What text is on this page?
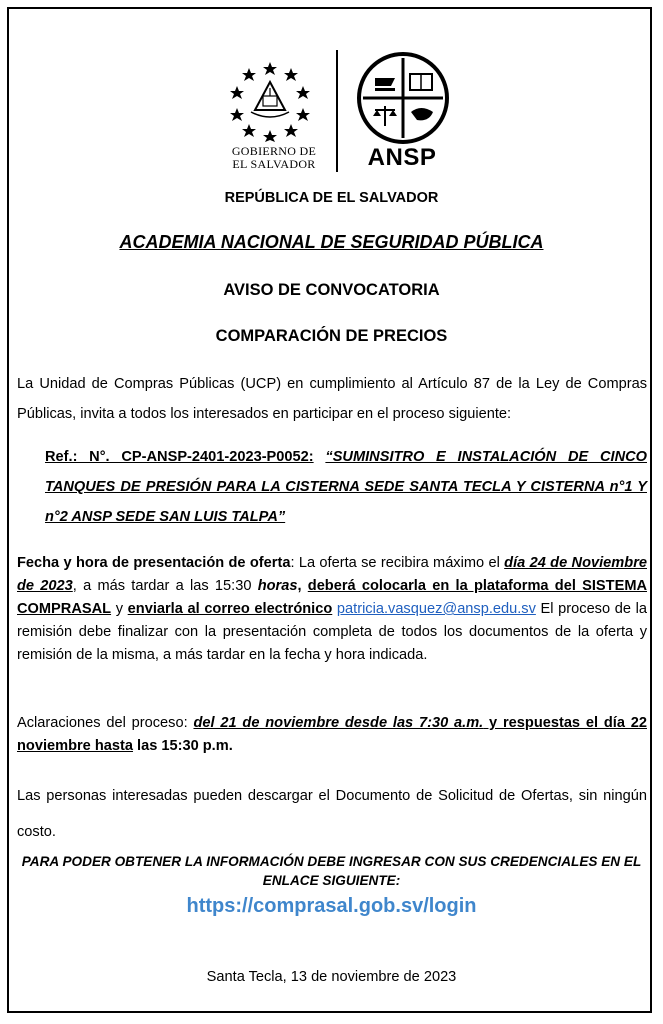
GOBIERNO DE
EL SALVADOR	ANSP
REPÚBLICA DE EL SALVADOR
ACADEMIA NACIONAL DE SEGURIDAD PÚBLICA
AVISO DE CONVOCATORIA
COMPARACIÓN DE PRECIOS
La Unidad de Compras Públicas (UCP) en cumplimiento al Artículo 87 de la Ley de Compras Públicas, invita a todos los interesados en participar en el proceso siguiente:
Ref.: N°. CP-ANSP-2401-2023-P0052: “SUMINSITRO E INSTALACIÓN DE CINCO TANQUES DE PRESIÓN PARA LA CISTERNA SEDE SANTA TECLA Y CISTERNA n°1 Y n°2 ANSP SEDE SAN LUIS TALPA”
Fecha y hora de presentación de oferta: La oferta se recibira máximo el día 24 de Noviembre de 2023, a más tardar a las 15:30 horas, deberá colocarla en la plataforma del SISTEMA COMPRASAL y enviarla al correo electrónico patricia.vasquez@ansp.edu.sv El proceso de la remisión debe finalizar con la presentación completa de todos los documentos de la oferta y remisión de la misma, a más tardar en la fecha y hora indicada.
Aclaraciones del proceso: del 21 de noviembre desde las 7:30 a.m. y respuestas el día 22 noviembre hasta las 15:30 p.m.
Las personas interesadas pueden descargar el Documento de Solicitud de Ofertas, sin ningún costo.
PARA PODER OBTENER LA INFORMACIÓN DEBE INGRESAR CON SUS CREDENCIALES EN EL ENLACE SIGUIENTE:
https://comprasal.gob.sv/login
Santa Tecla, 13 de noviembre de 2023
